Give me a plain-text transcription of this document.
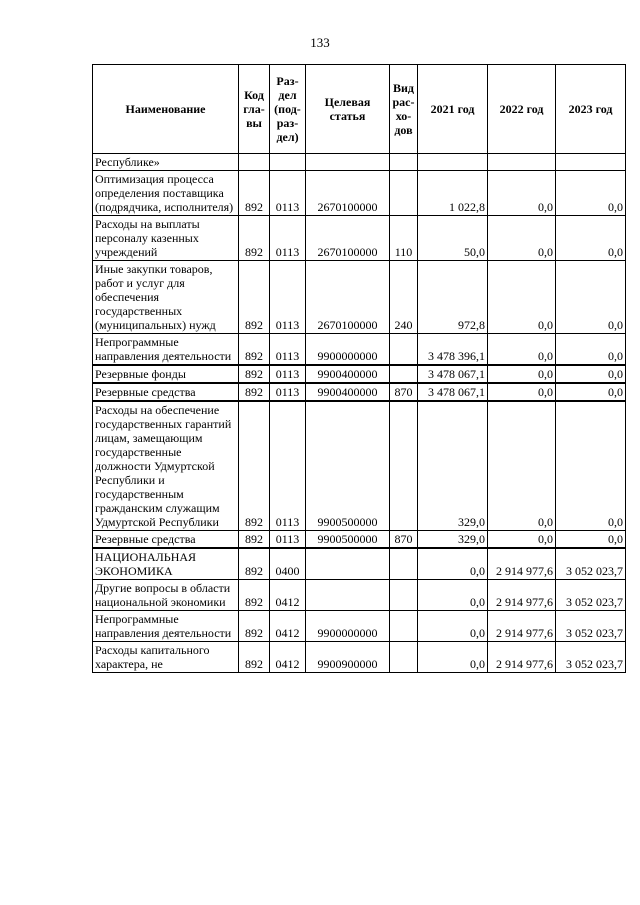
133
Наименование	Код гла- вы	Раз- дел (под- раз- дел)	Целевая статья	Вид рас- хо- дов	2021 год	2022 год	2023 год
Республике»							
Оптимизация процесса определения поставщика (подрядчика, исполнителя)	892	0113	2670100000		1 022,8	0,0	0,0
Расходы на выплаты персоналу казенных учреждений	892	0113	2670100000	110	50,0	0,0	0,0
Иные закупки товаров, работ и услуг для обеспечения государственных (муниципальных) нужд	892	0113	2670100000	240	972,8	0,0	0,0
Непрограммные направления деятельности	892	0113	9900000000		3 478 396,1	0,0	0,0
Резервные фонды	892	0113	9900400000		3 478 067,1	0,0	0,0
Резервные средства	892	0113	9900400000	870	3 478 067,1	0,0	0,0
Расходы на обеспечение государственных гарантий лицам, замещающим государственные должности Удмуртской Республики и государственным гражданским служащим Удмуртской Республики	892	0113	9900500000		329,0	0,0	0,0
Резервные средства	892	0113	9900500000	870	329,0	0,0	0,0
НАЦИОНАЛЬНАЯ ЭКОНОМИКА	892	0400			0,0	2 914 977,6	3 052 023,7
Другие вопросы в области национальной экономики	892	0412			0,0	2 914 977,6	3 052 023,7
Непрограммные направления деятельности	892	0412	9900000000		0,0	2 914 977,6	3 052 023,7
Расходы капитального характера, не	892	0412	9900900000		0,0	2 914 977,6	3 052 023,7
